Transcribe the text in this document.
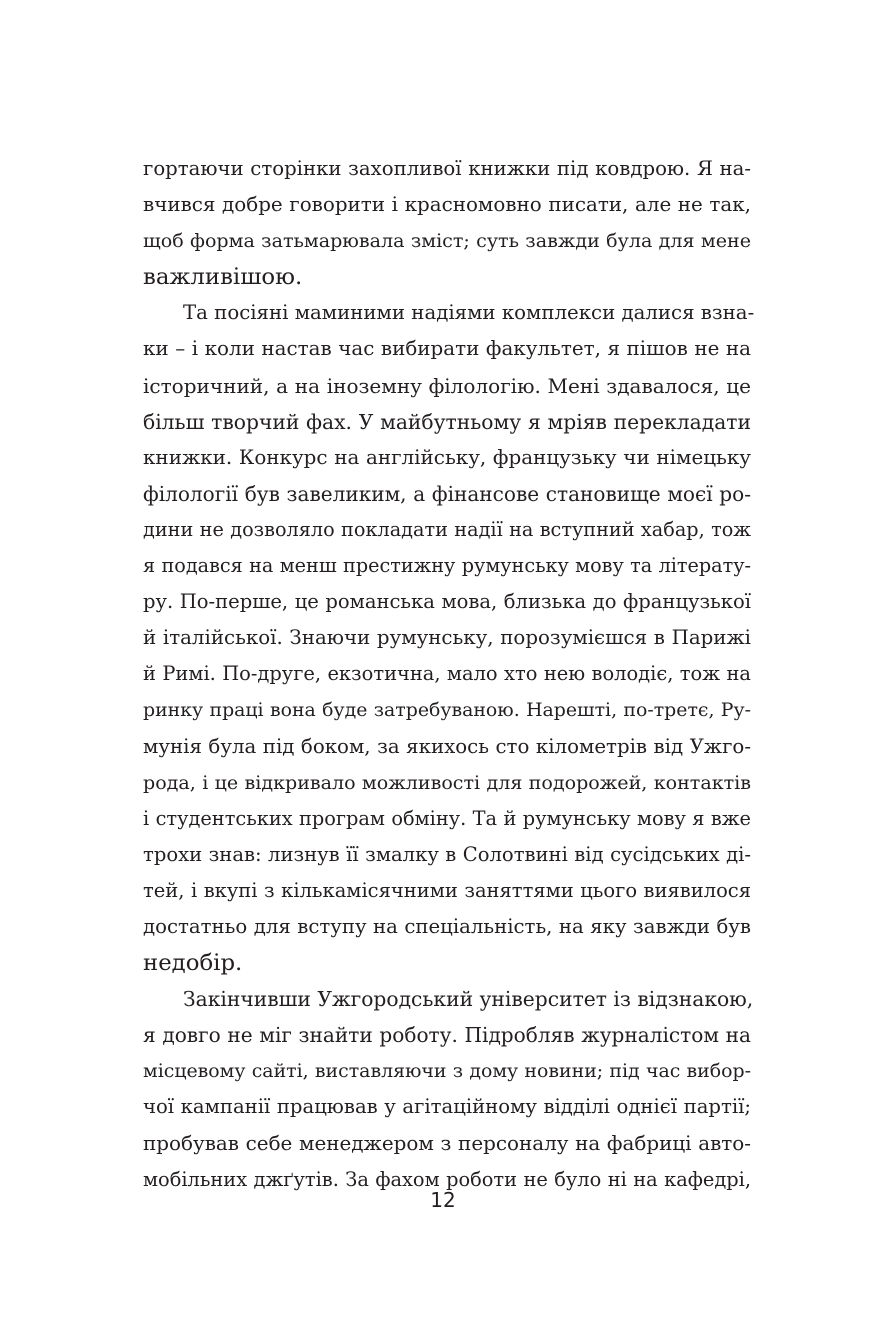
гортаючи сторінки захопливої книжки під ковдрою. Я на-
вчився добре говорити і красномовно писати, але не так,
щоб форма затьмарювала зміст; суть завжди була для мене
важливішою.
Та посіяні маминими надіями комплекси далися взна-
ки – і коли настав час вибирати факультет, я пішов не на
історичний, а на іноземну філологію. Мені здавалося, це
більш творчий фах. У майбутньому я мріяв перекладати
книжки. Конкурс на англійську, французьку чи німецьку
філології був завеликим, а фінансове становище моєї ро-
дини не дозволяло покладати надії на вступний хабар, тож
я подався на менш престижну румунську мову та літерату-
ру. По-перше, це романська мова, близька до французької
й італійської. Знаючи румунську, порозумієшся в Парижі
й Римі. По-друге, екзотична, мало хто нею володіє, тож на
ринку праці вона буде затребуваною. Нарешті, по-третє, Ру-
мунія була під боком, за якихось сто кілометрів від Ужго-
рода, і це відкривало можливості для подорожей, контактів
і студентських програм обміну. Та й румунську мову я вже
трохи знав: лизнув її змалку в Солотвині від сусідських ді-
тей, і вкупі з кількамісячними заняттями цього виявилося
достатньо для вступу на спеціальність, на яку завжди був
недобір.
Закінчивши Ужгородський університет із відзнакою,
я довго не міг знайти роботу. Підробляв журналістом на
місцевому сайті, виставляючи з дому новини; під час вибор-
чої кампанії працював у агітаційному відділі однієї партії;
пробував себе менеджером з персоналу на фабриці авто-
мобільних джґутів. За фахом роботи не було ні на кафедрі,
12
